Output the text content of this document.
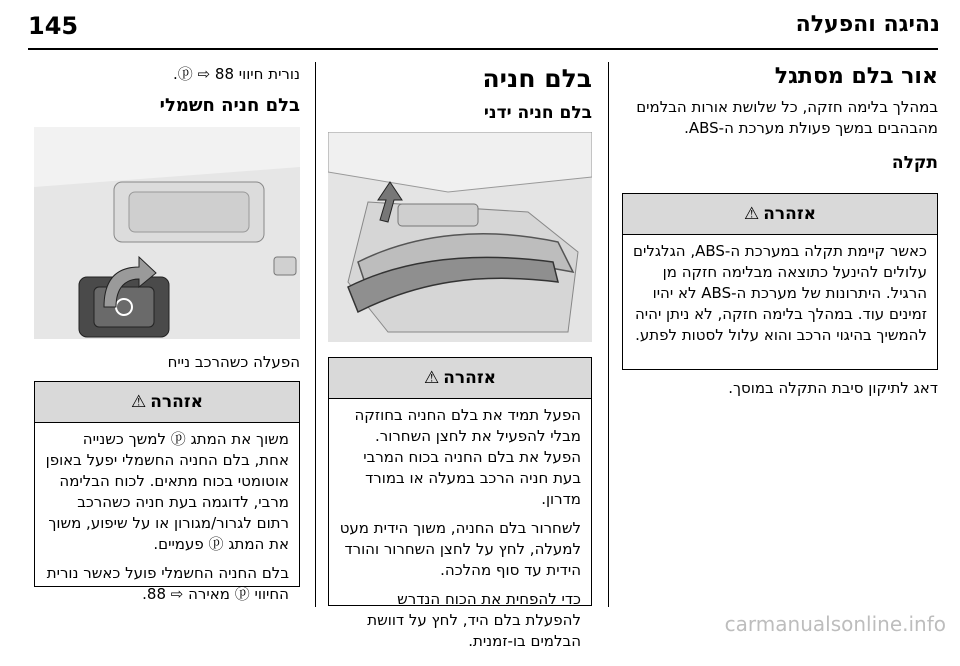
145	נהיגה והפעלה
אור בלם מסתגל
במהלך בלימה חזקה, כל שלושת אורות הבלמים מהבהבים במשך פעולת מערכת ה-ABS.
תקלה
אזהרה
⚠
כאשר קיימת תקלה במערכת ה-ABS, הגלגלים עלולים להינעל כתוצאה מבלימה חזקה מן הרגיל. היתרונות של מערכת ה-ABS לא יהיו זמינים עוד. במהלך בלימה חזקה, לא ניתן יהיה להמשיך בהיגוי הרכב והוא עלול לסטות לפתע.
דאג לתיקון סיבת התקלה במוסך.
בלם חניה
בלם חניה ידני
אזהרה
⚠

הפעל תמיד את בלם החניה בחוזקה מבלי להפעיל את לחצן השחרור. הפעל את בלם החניה בכוח המרבי בעת חניה הרכב במעלה או במורד מדרון.

לשחרור בלם החניה, משוך הידית מעט למעלה, לחץ על לחצן השחרור והורד הידית עד סוף מהלכה.

כדי להפחית את הכוח הנדרש להפעלת בלם היד, לחץ על דוושת הבלמים בו-זמנית.

נורית חיווי ⓟ ⇨ 88.
בלם חניה חשמלי
הפעלה כשהרכב נייח
אזהרה
⚠

משוך את המתג ⓟ למשך כשנייה אחת, בלם החניה החשמלי יפעל באופן אוטומטי בכוח מתאים. לכוח הבלימה מרבי, לדוגמה בעת חניה כשהרכב רתום לגרור/מגורון או על שיפוע, משוך את המתג ⓟ פעמיים.

בלם החניה החשמלי פועל כאשר נורית החיווי ⓟ מאירה ⇨ 88.

carmanualsonline.info
